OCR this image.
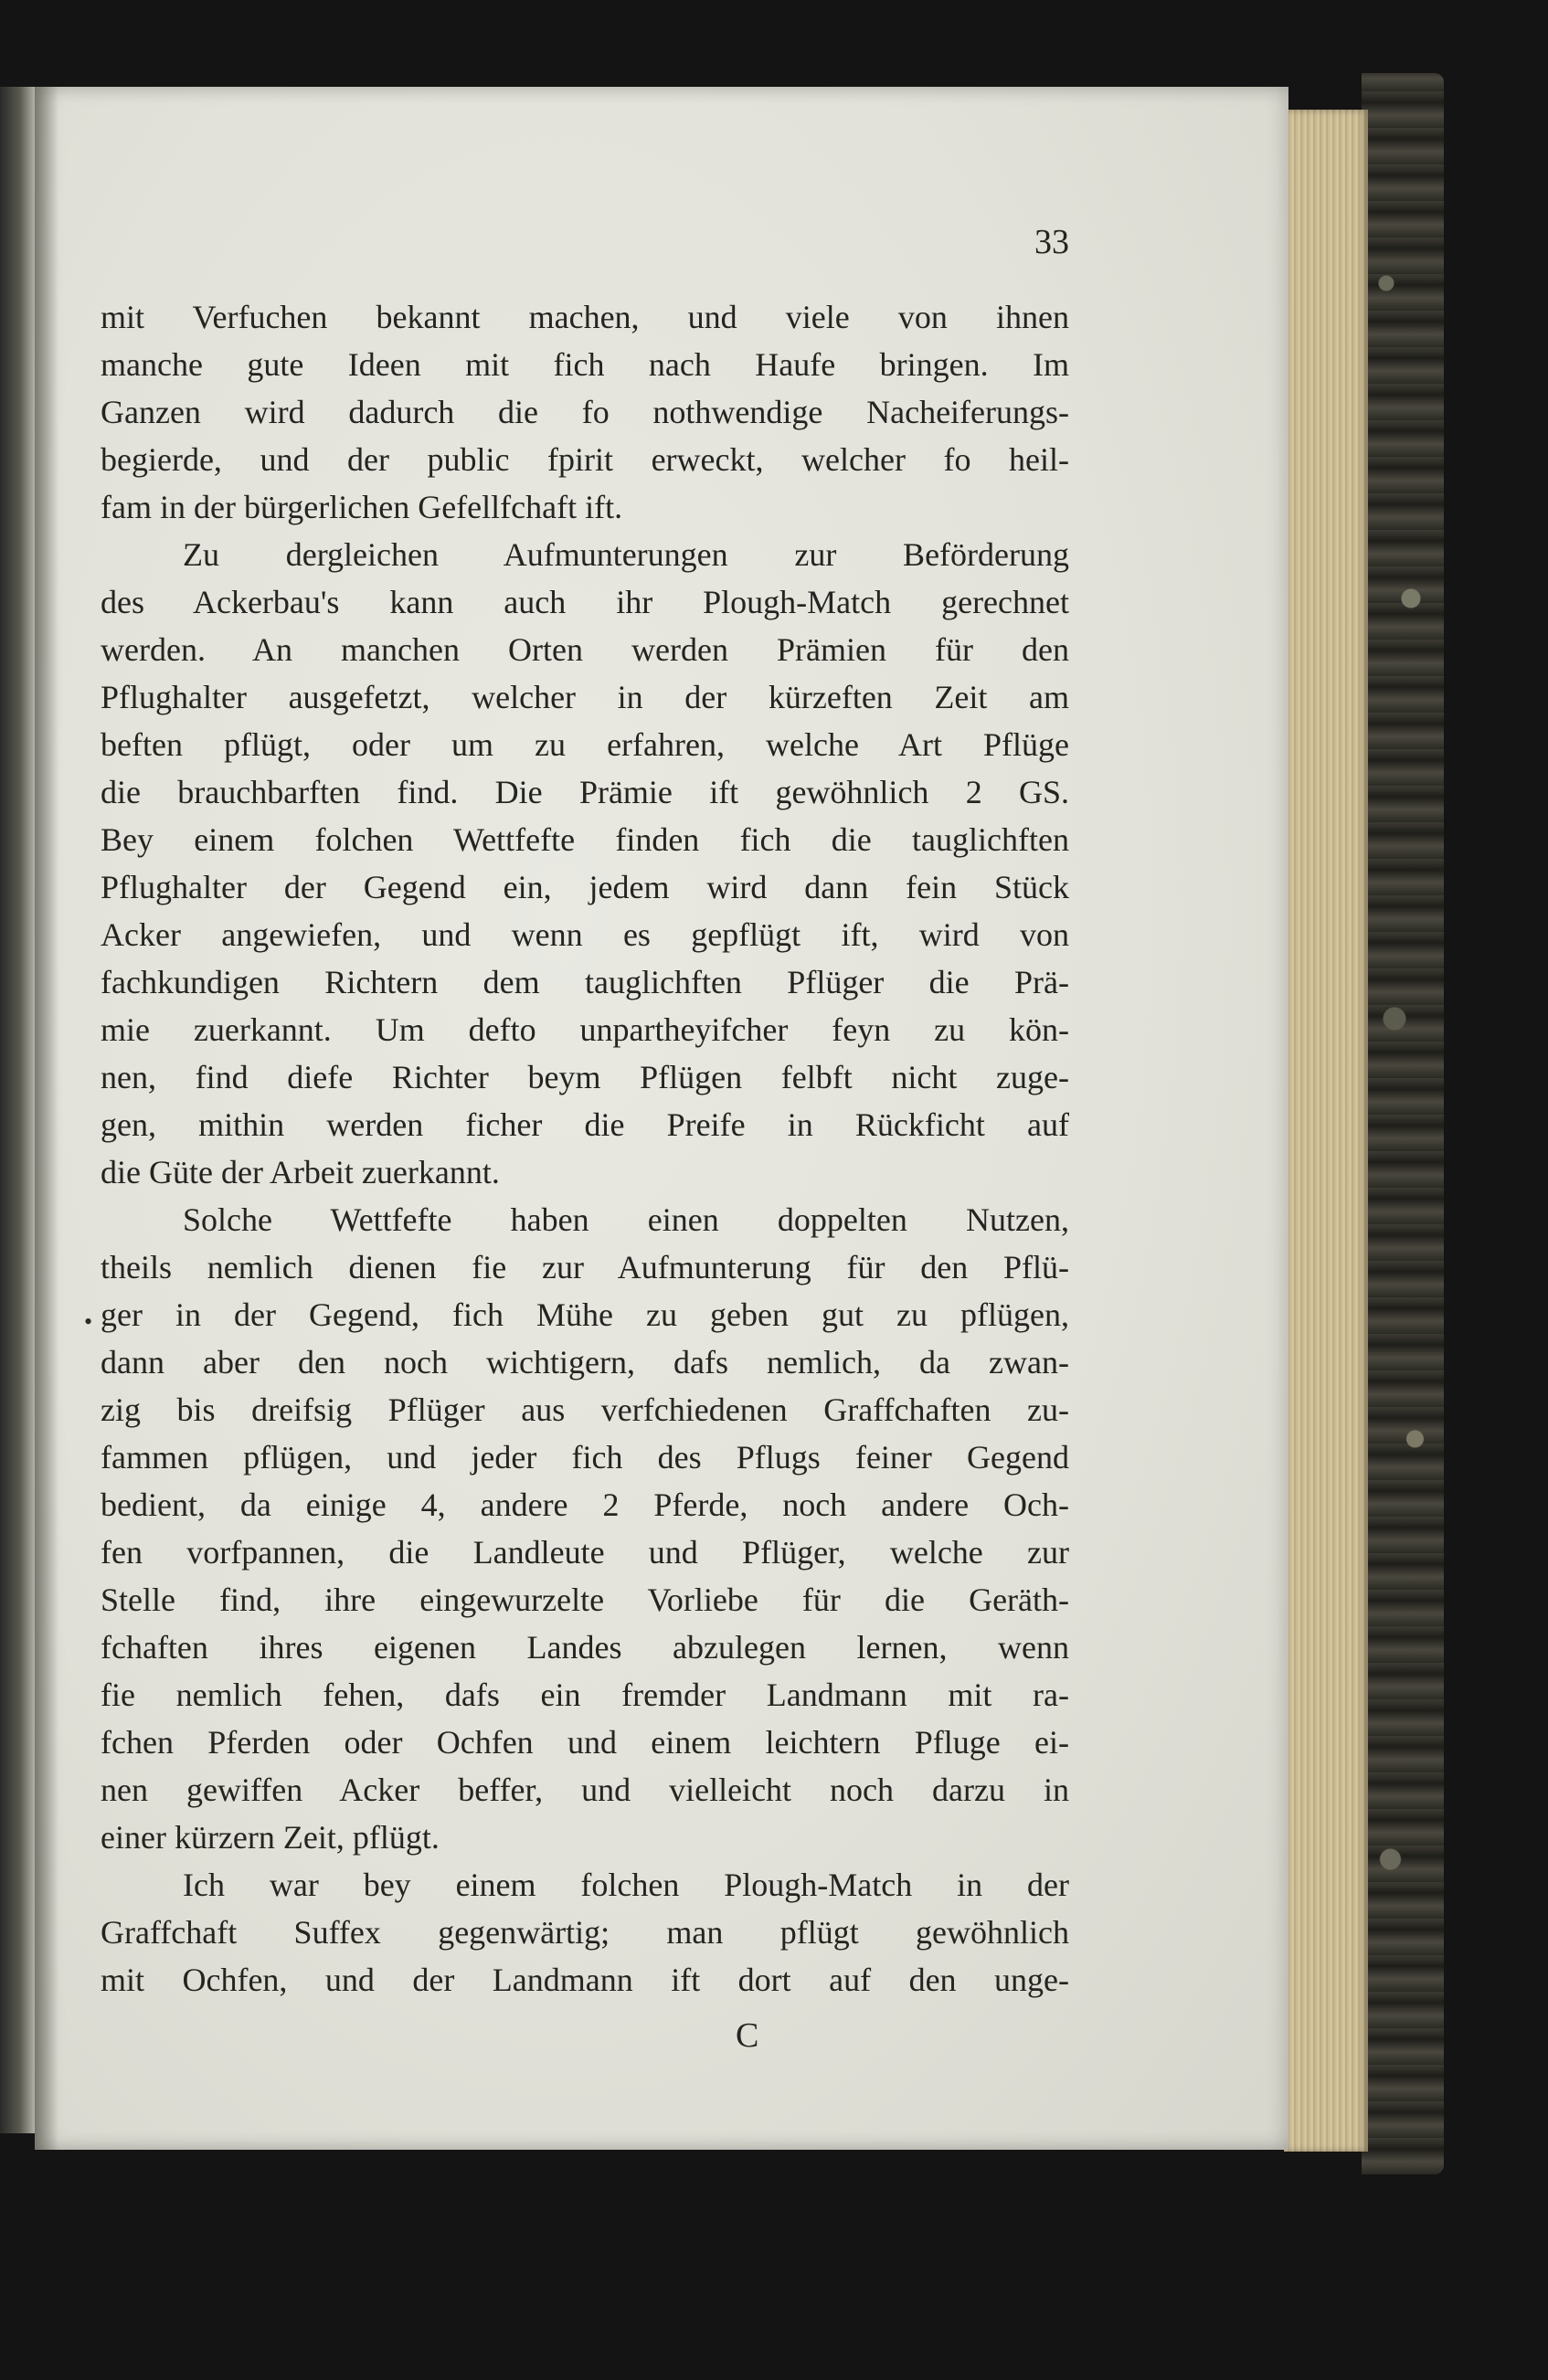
33
•
mit Verfuchen bekannt machen, und viele von ihnen
manche gute Ideen mit fich nach Haufe bringen. Im
Ganzen wird dadurch die fo nothwendige Nacheiferungs-
begierde, und der public fpirit erweckt, welcher fo heil-
fam in der bürgerlichen Gefellfchaft ift.
Zu dergleichen Aufmunterungen zur Beförderung
des Ackerbau's kann auch ihr Plough-Match gerechnet
werden. An manchen Orten werden Prämien für den
Pflughalter ausgefetzt, welcher in der kürzeften Zeit am
beften pflügt, oder um zu erfahren, welche Art Pflüge
die brauchbarften find. Die Prämie ift gewöhnlich 2 GS.
Bey einem folchen Wettfefte finden fich die tauglichften
Pflughalter der Gegend ein, jedem wird dann fein Stück
Acker angewiefen, und wenn es gepflügt ift, wird von
fachkundigen Richtern dem tauglichften Pflüger die Prä-
mie zuerkannt. Um defto unpartheyifcher feyn zu kön-
nen, find diefe Richter beym Pflügen felbft nicht zuge-
gen, mithin werden ficher die Preife in Rückficht auf
die Güte der Arbeit zuerkannt.
Solche Wettfefte haben einen doppelten Nutzen,
theils nemlich dienen fie zur Aufmunterung für den Pflü-
ger in der Gegend, fich Mühe zu geben gut zu pflügen,
dann aber den noch wichtigern, dafs nemlich, da zwan-
zig bis dreifsig Pflüger aus verfchiedenen Graffchaften zu-
fammen pflügen, und jeder fich des Pflugs feiner Gegend
bedient, da einige 4, andere 2 Pferde, noch andere Och-
fen vorfpannen, die Landleute und Pflüger, welche zur
Stelle find, ihre eingewurzelte Vorliebe für die Geräth-
fchaften ihres eigenen Landes abzulegen lernen, wenn
fie nemlich fehen, dafs ein fremder Landmann mit ra-
fchen Pferden oder Ochfen und einem leichtern Pfluge ei-
nen gewiffen Acker beffer, und vielleicht noch darzu in
einer kürzern Zeit, pflügt.
Ich war bey einem folchen Plough-Match in der
Graffchaft Suffex gegenwärtig; man pflügt gewöhnlich
mit Ochfen, und der Landmann ift dort auf den unge-
C
